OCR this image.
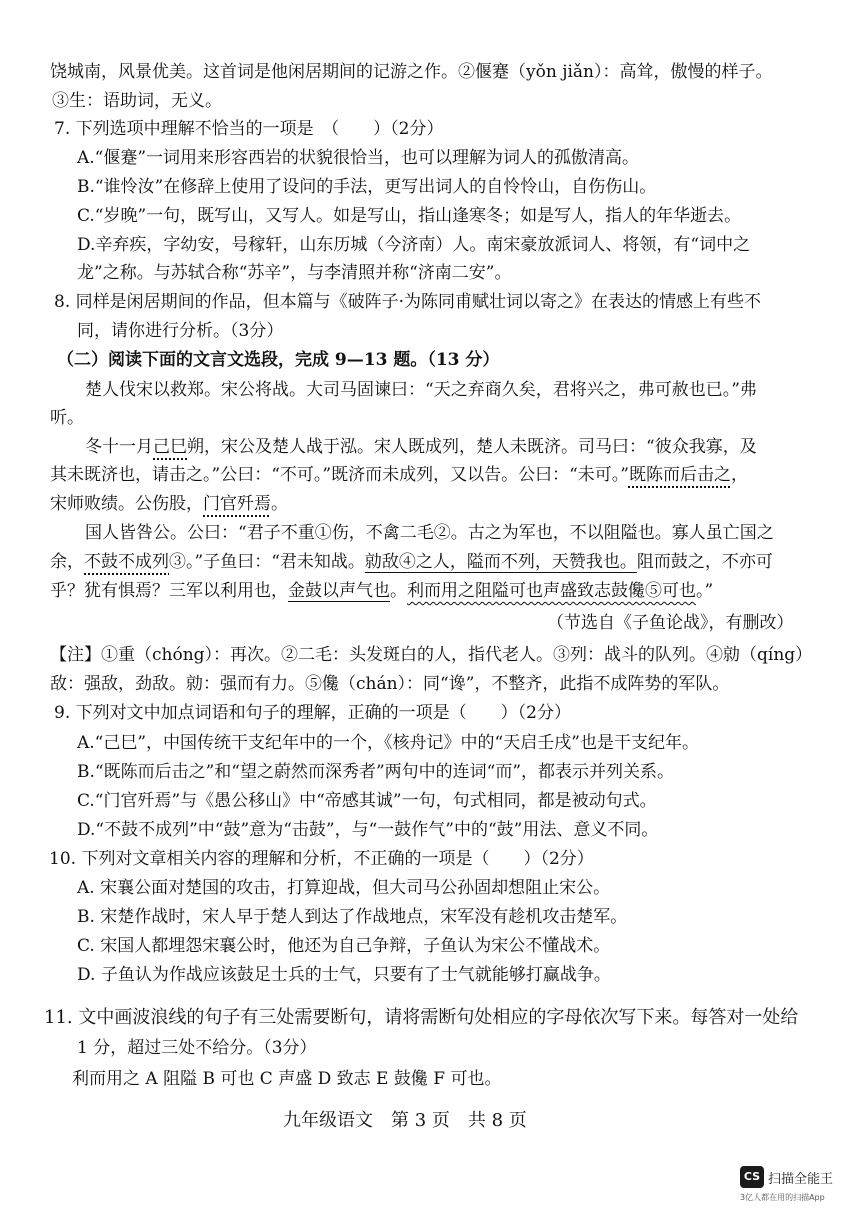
饶城南，风景优美。这首词是他闲居期间的记游之作。②偃蹇（yǒn jiǎn）：高耸，傲慢的样子。
③生：语助词，无义。
7. 下列选项中理解不恰当的一项是　（　　）（2分）
A.“偃蹇”一词用来形容西岩的状貌很恰当，也可以理解为词人的孤傲清高。
B.“谁怜汝”在修辞上使用了设问的手法，更写出词人的自怜怜山，自伤伤山。
C.“岁晚”一句，既写山，又写人。如是写山，指山逢寒冬；如是写人，指人的年华逝去。
D.辛弃疾，字幼安，号稼轩，山东历城（今济南）人。南宋豪放派词人、将领，有“词中之
龙”之称。与苏轼合称“苏辛”，与李清照并称“济南二安”。
8. 同样是闲居期间的作品，但本篇与《破阵子·为陈同甫赋壮词以寄之》在表达的情感上有些不
同，请你进行分析。（3分）
（二）阅读下面的文言文选段，完成 9—13 题。（13 分）
楚人伐宋以救郑。宋公将战。大司马固谏曰：“天之弃商久矣，君将兴之，弗可赦也已。”弗
听。
冬十一月己巳朔，宋公及楚人战于泓。宋人既成列，楚人未既济。司马曰：“彼众我寡，及
其未既济也，请击之。”公曰：“不可。”既济而未成列，又以告。公曰：“未可。”既陈而后击之，
宋师败绩。公伤股，门官歼焉。
国人皆咎公。公曰：“君子不重①伤，不禽二毛②。古之为军也，不以阻隘也。寡人虽亡国之
余，不鼓不成列③。”子鱼曰：“君未知战。勍敌④之人，隘而不列，天赞我也。阻而鼓之，不亦可
乎？犹有惧焉？三军以利用也，金鼓以声气也。利而用之阻隘可也声盛致志鼓儳⑤可也。”
（节选自《子鱼论战》，有删改）
【注】①重（chóng）：再次。②二毛：头发斑白的人，指代老人。③列：战斗的队列。④勍（qíng）
敌：强敌，劲敌。勍：强而有力。⑤儳（chán）：同“谗”，不整齐，此指不成阵势的军队。
9. 下列对文中加点词语和句子的理解，正确的一项是（　　）（2分）
A.“己巳”，中国传统干支纪年中的一个，《核舟记》中的“天启壬戌”也是干支纪年。
B.“既陈而后击之”和“望之蔚然而深秀者”两句中的连词“而”，都表示并列关系。
C.“门官歼焉”与《愚公移山》中“帝感其诚”一句，句式相同，都是被动句式。
D.“不鼓不成列”中“鼓”意为“击鼓”，与“一鼓作气”中的“鼓”用法、意义不同。
10. 下列对文章相关内容的理解和分析，不正确的一项是（　　）（2分）
A. 宋襄公面对楚国的攻击，打算迎战，但大司马公孙固却想阻止宋公。
B. 宋楚作战时，宋人早于楚人到达了作战地点，宋军没有趁机攻击楚军。
C. 宋国人都埋怨宋襄公时，他还为自己争辩，子鱼认为宋公不懂战术。
D. 子鱼认为作战应该鼓足士兵的士气，只要有了士气就能够打赢战争。
11. 文中画波浪线的句子有三处需要断句，请将需断句处相应的字母依次写下来。每答对一处给
1 分，超过三处不给分。（3分）
利而用之 A 阻隘 B 可也 C 声盛 D 致志 E 鼓儳 F 可也。
九年级语文　第 3 页　共 8 页
CS 扫描全能王
3亿人都在用的扫描App
